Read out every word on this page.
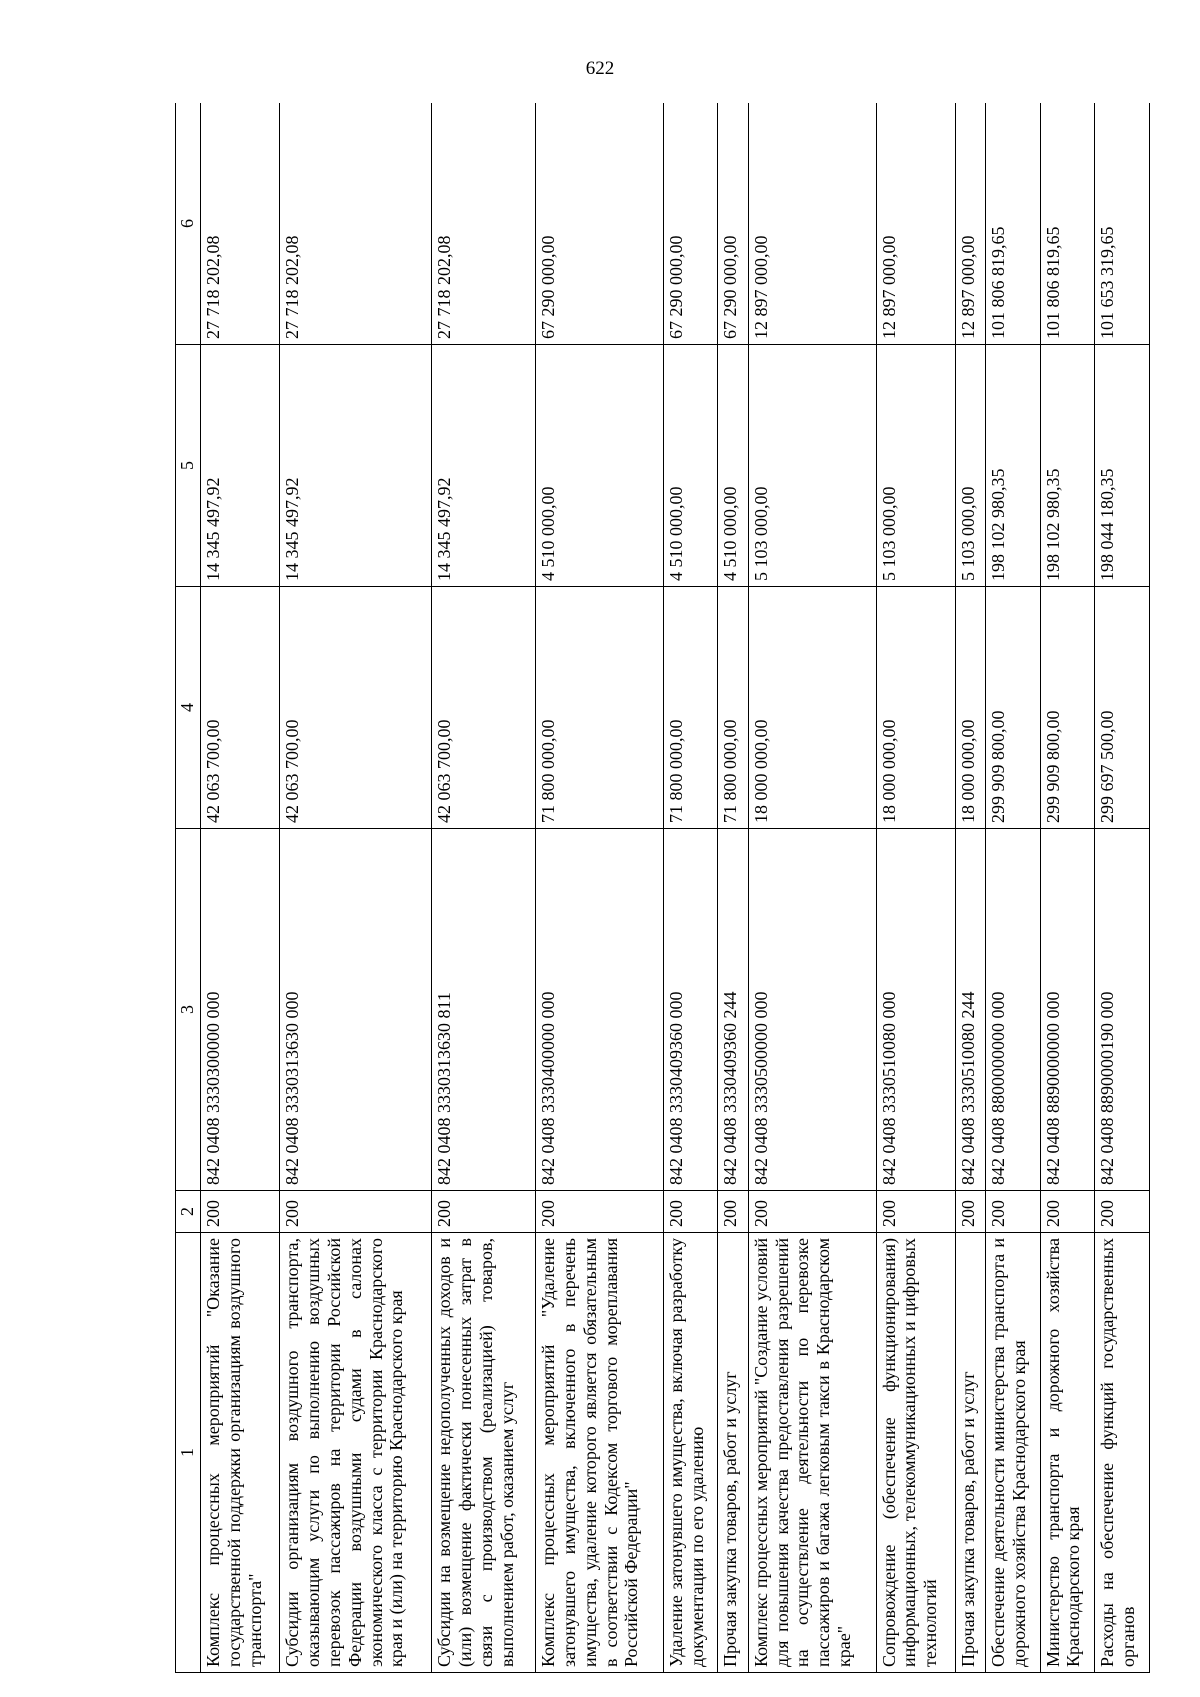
622
1	2	3	4	5	6
Комплекс процессных мероприятий "Оказание государственной поддержки организациям воздушного транспорта"	200	842 0408 3330300000 000	42 063 700,00	14 345 497,92	27 718 202,08
Субсидии организациям воздушного транспорта, оказывающим услуги по выполнению воздушных перевозок пассажиров на территории Российской Федерации воздушными судами в салонах экономического класса с территории Краснодарского края и (или) на территорию Краснодарского края	200	842 0408 3330313630 000	42 063 700,00	14 345 497,92	27 718 202,08
Субсидии на возмещение недополученных доходов и (или) возмещение фактически понесенных затрат в связи с производством (реализацией) товаров, выполнением работ, оказанием услуг	200	842 0408 3330313630 811	42 063 700,00	14 345 497,92	27 718 202,08
Комплекс процессных мероприятий "Удаление затонувшего имущества, включенного в перечень имущества, удаление которого является обязательным в соответствии с Кодексом торгового мореплавания Российской Федерации"	200	842 0408 3330400000 000	71 800 000,00	4 510 000,00	67 290 000,00
Удаление затонувшего имущества, включая разработку документации по его удалению	200	842 0408 3330409360 000	71 800 000,00	4 510 000,00	67 290 000,00
Прочая закупка товаров, работ и услуг	200	842 0408 3330409360 244	71 800 000,00	4 510 000,00	67 290 000,00
Комплекс процессных мероприятий "Создание условий для повышения качества предоставления разрешений на осуществление деятельности по перевозке пассажиров и багажа легковым такси в Краснодарском крае"	200	842 0408 3330500000 000	18 000 000,00	5 103 000,00	12 897 000,00
Сопровождение (обеспечение функционирования) информационных, телекоммуникационных и цифровых технологий	200	842 0408 3330510080 000	18 000 000,00	5 103 000,00	12 897 000,00
Прочая закупка товаров, работ и услуг	200	842 0408 3330510080 244	18 000 000,00	5 103 000,00	12 897 000,00
Обеспечение деятельности министерства транспорта и дорожного хозяйства Краснодарского края	200	842 0408 8800000000 000	299 909 800,00	198 102 980,35	101 806 819,65
Министерство транспорта и дорожного хозяйства Краснодарского края	200	842 0408 8890000000 000	299 909 800,00	198 102 980,35	101 806 819,65
Расходы на обеспечение функций государственных органов	200	842 0408 8890000190 000	299 697 500,00	198 044 180,35	101 653 319,65
